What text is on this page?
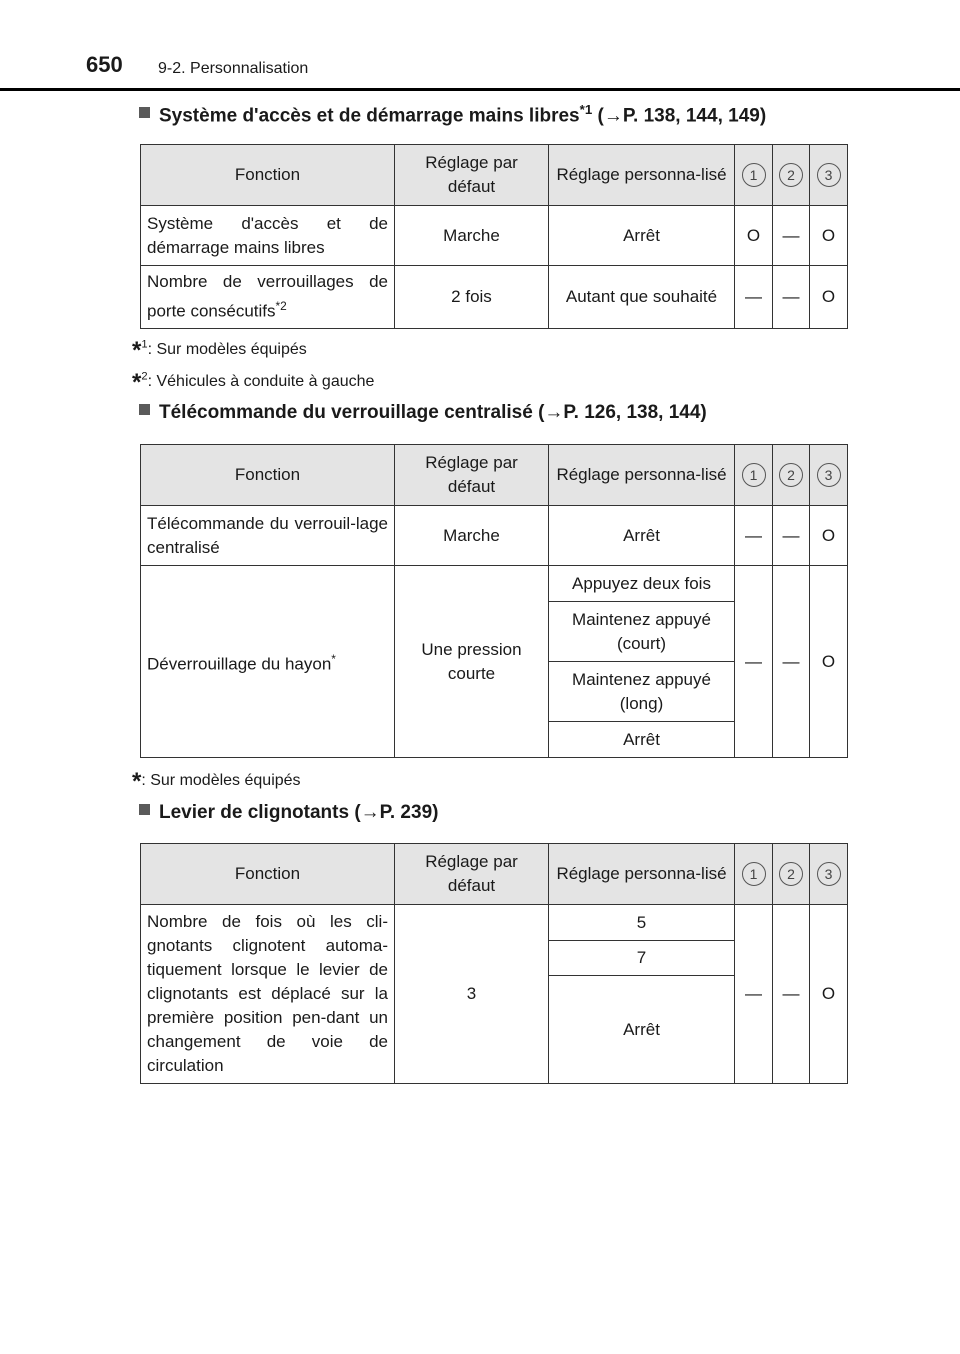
650 9-2. Personnalisation
Système d'accès et de démarrage mains libres$^{*1}$ (→P. 138, 144, 149)
Fonction	Réglage par défaut	Réglage personna-lisé	1	2	3
Système d'accès et de démarrage mains libres	Marche	Arrêt	O	—	O
Nombre de verrouillages de porte consécutifs$^{*2}$	2 fois	Autant que souhaité	—	—	O
*$^1$: Sur modèles équipés
*$^2$: Véhicules à conduite à gauche
Télécommande du verrouillage centralisé (→P. 126, 138, 144)
Fonction	Réglage par défaut	Réglage personna-lisé	1	2	3
Télécommande du verrouil-lage centralisé	Marche	Arrêt	—	—	O
Déverrouillage du hayon*	Une pression courte	Appuyez deux fois	—	—	O
		Maintenez appuyé (court)			
		Maintenez appuyé (long)			
		Arrêt			
*: Sur modèles équipés
Levier de clignotants (→P. 239)
Fonction	Réglage par défaut	Réglage personna-lisé	1	2	3
Nombre de fois où les cli-gnotants clignotent automa-tiquement lorsque le levier de clignotants est déplacé sur la première position pen-dant un changement de voie de circulation	3	5	—	—	O
		7			
		Arrêt			
